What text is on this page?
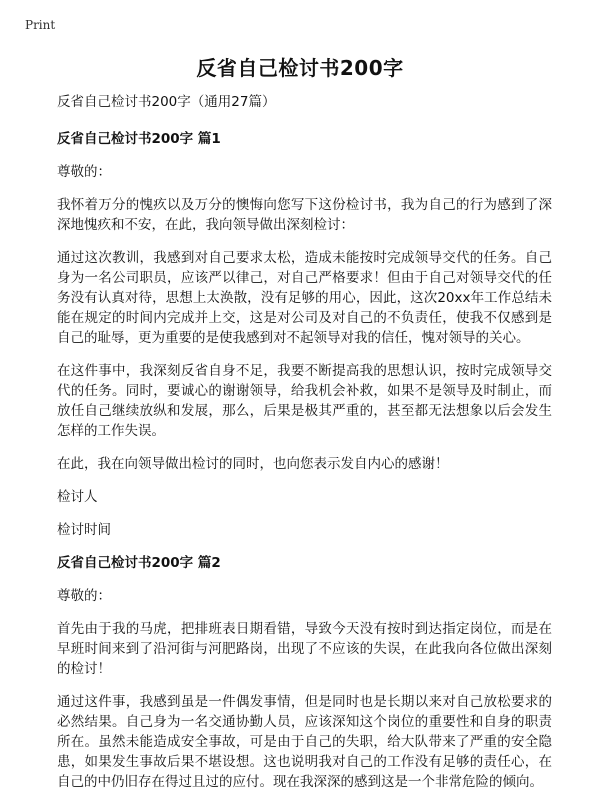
Print
反省自己检讨书200字

反省自己检讨书200字（通用27篇）

反省自己检讨书200字 篇1

尊敬的：

我怀着万分的愧疚以及万分的懊悔向您写下这份检讨书，我为自己的行为感到了深深地愧疚和不安，在此，我向领导做出深刻检讨：

通过这次教训，我感到对自己要求太松，造成未能按时完成领导交代的任务。自己身为一名公司职员，应该严以律己，对自己严格要求！但由于自己对领导交代的任务没有认真对待，思想上太涣散，没有足够的用心，因此，这次20xx年工作总结未能在规定的时间内完成并上交，这是对公司及对自己的不负责任，使我不仅感到是自己的耻辱，更为重要的是使我感到对不起领导对我的信任，愧对领导的关心。

在这件事中，我深刻反省自身不足，我要不断提高我的思想认识，按时完成领导交代的任务。同时，要诚心的谢谢领导，给我机会补救，如果不是领导及时制止，而放任自己继续放纵和发展，那么，后果是极其严重的，甚至都无法想象以后会发生怎样的工作失误。

在此，我在向领导做出检讨的同时，也向您表示发自内心的感谢！

检讨人

检讨时间

反省自己检讨书200字 篇2

尊敬的：

首先由于我的马虎，把排班表日期看错，导致今天没有按时到达指定岗位，而是在早班时间来到了沿河街与河肥路岗，出现了不应该的失误，在此我向各位做出深刻的检讨！

通过这件事，我感到虽是一件偶发事情，但是同时也是长期以来对自己放松要求的必然结果。自己身为一名交通协勤人员，应该深知这个岗位的重要性和自身的职责所在。虽然未能造成安全事故，可是由于自己的失职，给大队带来了严重的安全隐患，如果发生事故后果不堪设想。这也说明我对自己的工作没有足够的责任心，在自己的中仍旧存在得过且过的应付。现在我深深的感到这是一个非常危险的倾向。
